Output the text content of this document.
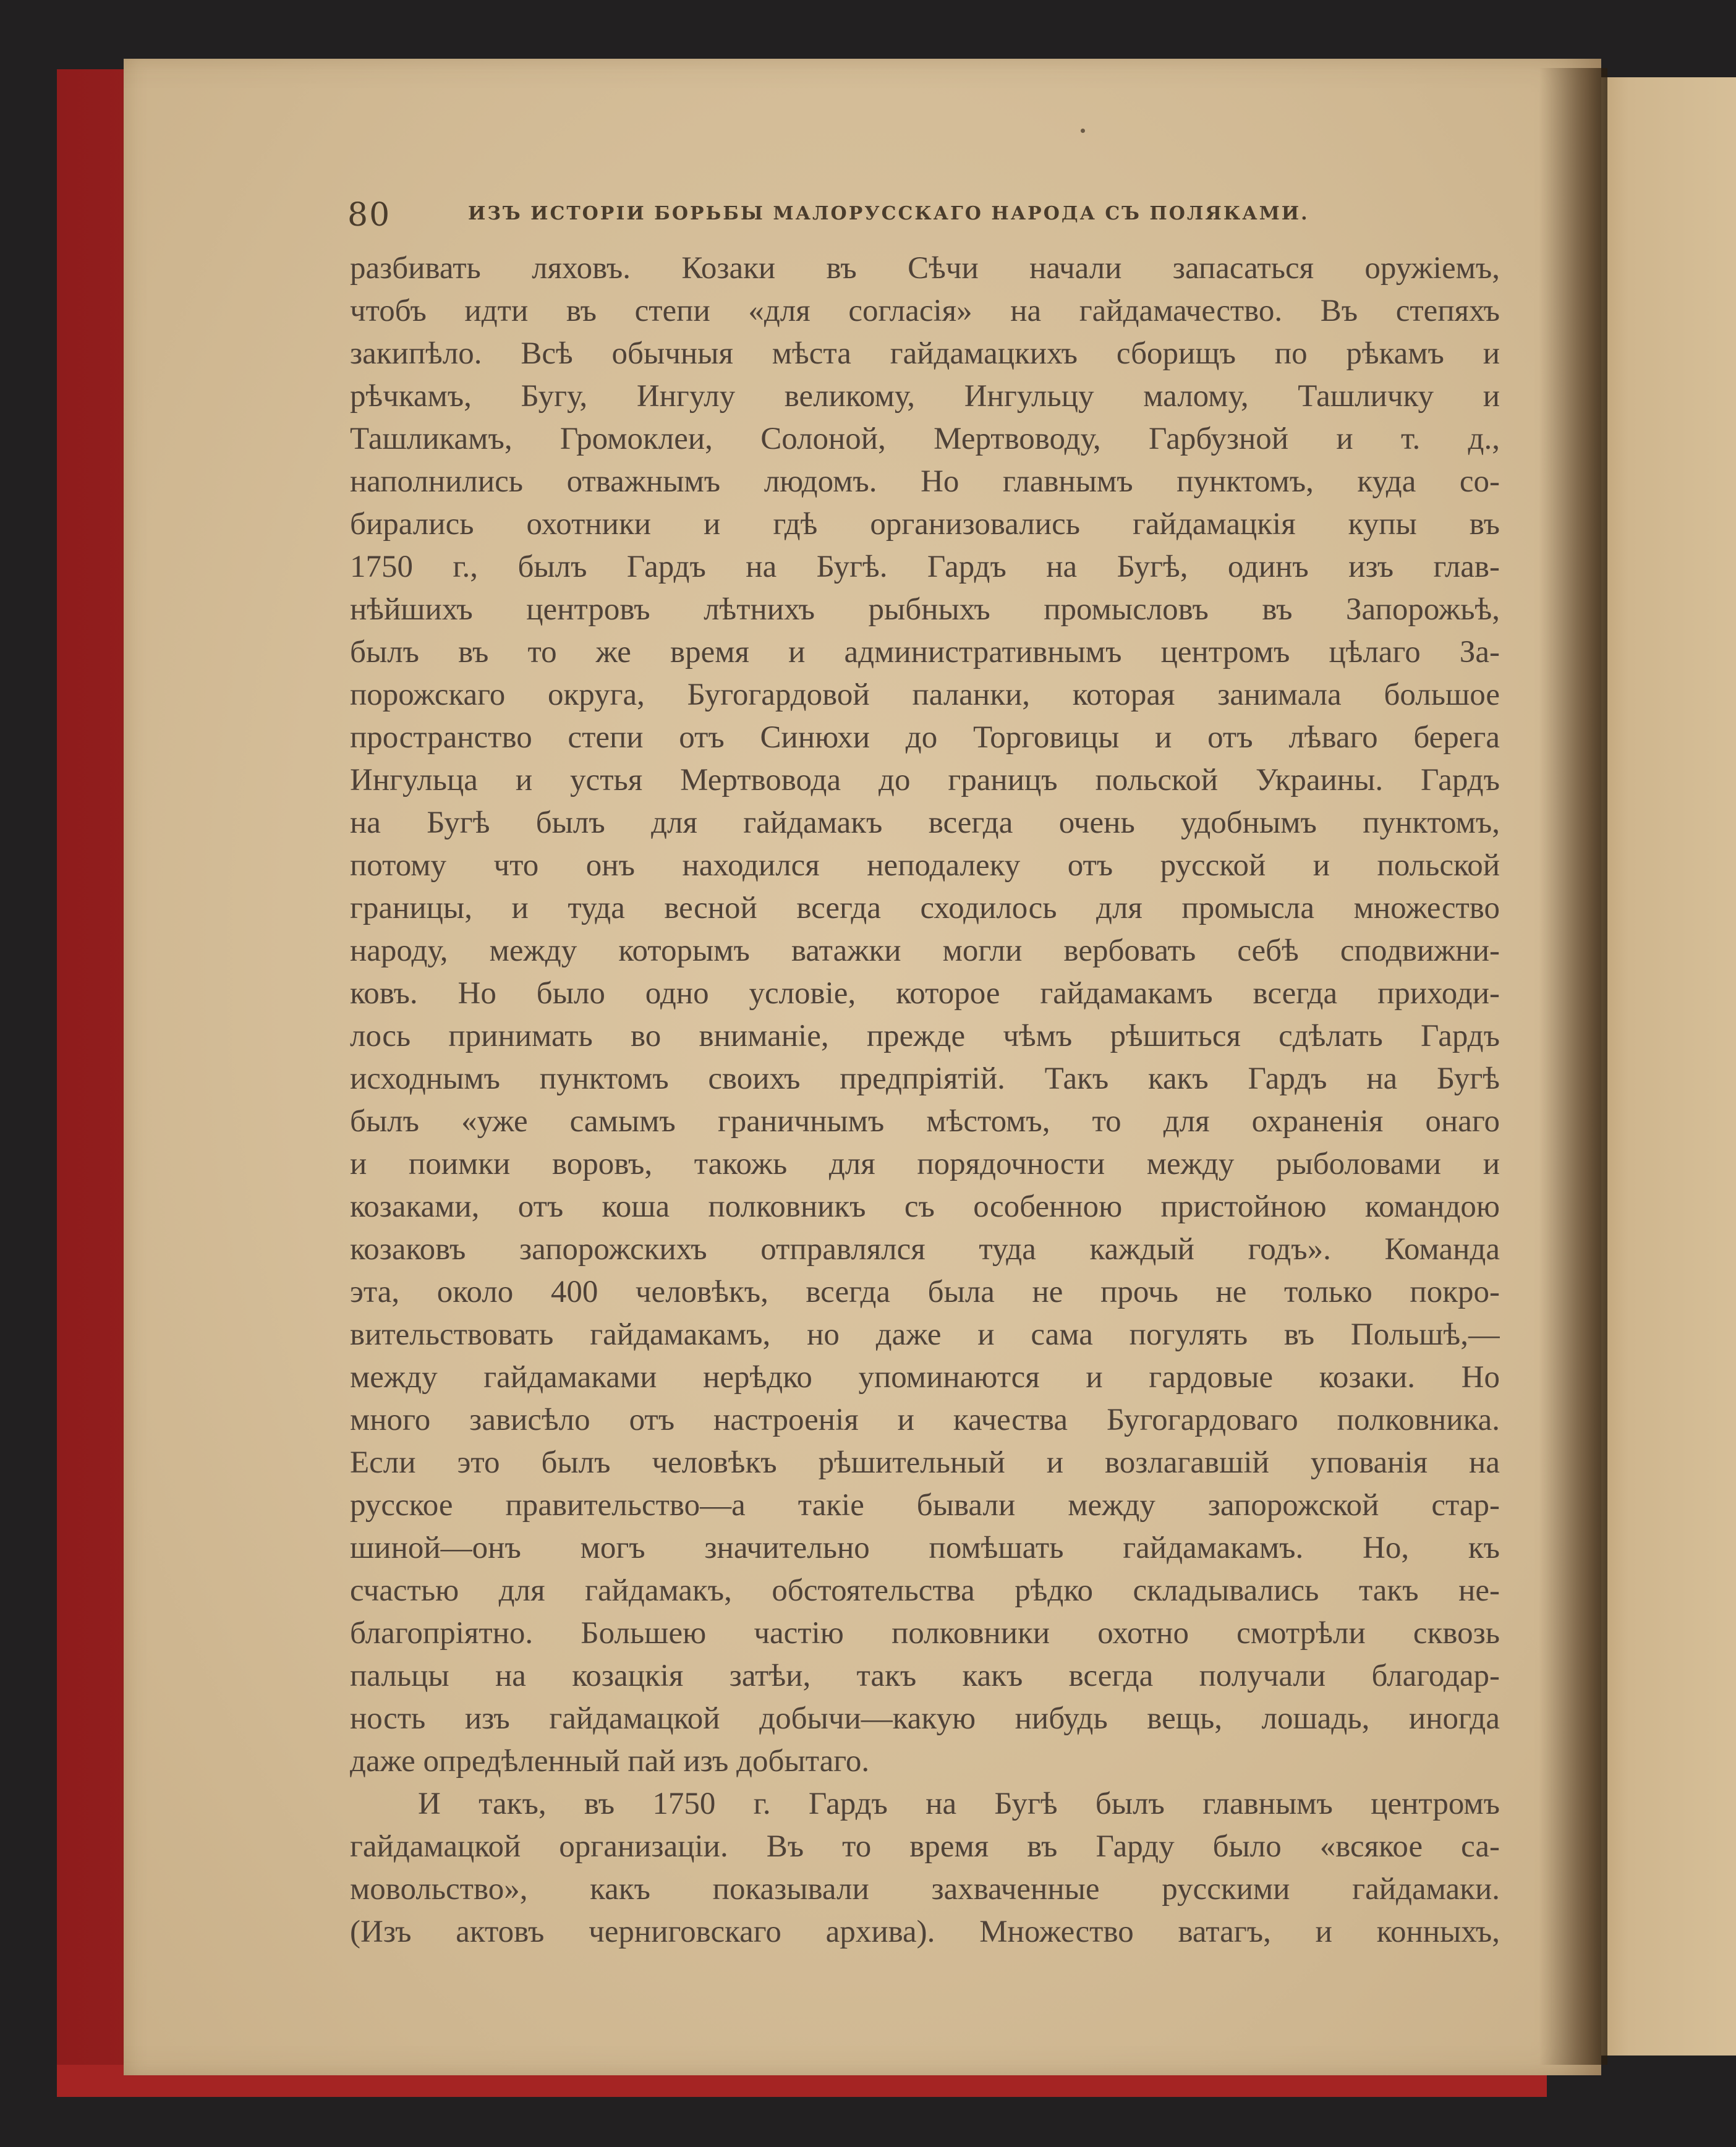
80	ИЗЪ ИСТОРІИ БОРЬБЫ МАЛОРУССКАГО НАРОДА СЪ ПОЛЯКАМИ.
разбивать ляховъ. Козаки въ Сѣчи начали запасаться оружіемъ,
чтобъ идти въ степи «для согласія» на гайдамачество. Въ степяхъ
закипѣло. Всѣ обычныя мѣста гайдамацкихъ сборищъ по рѣкамъ и
рѣчкамъ, Бугу, Ингулу великому, Ингульцу малому, Ташличку и
Ташликамъ, Громоклеи, Солоной, Мертвоводу, Гарбузной и т. д.,
наполнились отважнымъ людомъ. Но главнымъ пунктомъ, куда со-
бирались охотники и гдѣ организовались гайдамацкія купы въ
1750 г., былъ Гардъ на Бугѣ. Гардъ на Бугѣ, одинъ изъ глав-
нѣйшихъ центровъ лѣтнихъ рыбныхъ промысловъ въ Запорожьѣ,
былъ въ то же время и административнымъ центромъ цѣлаго За-
порожскаго округа, Бугогардовой паланки, которая занимала большое
пространство степи отъ Синюхи до Торговицы и отъ лѣваго берега
Ингульца и устья Мертвовода до границъ польской Украины. Гардъ
на Бугѣ былъ для гайдамакъ всегда очень удобнымъ пунктомъ,
потому что онъ находился неподалеку отъ русской и польской
границы, и туда весной всегда сходилось для промысла множество
народу, между которымъ ватажки могли вербовать себѣ сподвижни-
ковъ. Но было одно условіе, которое гайдамакамъ всегда приходи-
лось принимать во вниманіе, прежде чѣмъ рѣшиться сдѣлать Гардъ
исходнымъ пунктомъ своихъ предпріятій. Такъ какъ Гардъ на Бугѣ
былъ «уже самымъ граничнымъ мѣстомъ, то для охраненія онаго
и поимки воровъ, такожь для порядочности между рыболовами и
козаками, отъ коша полковникъ съ особенною пристойною командою
козаковъ запорожскихъ отправлялся туда каждый годъ». Команда
эта, около 400 человѣкъ, всегда была не прочь не только покро-
вительствовать гайдамакамъ, но даже и сама погулять въ Польшѣ,—
между гайдамаками нерѣдко упоминаются и гардовые козаки. Но
много зависѣло отъ настроенія и качества Бугогардоваго полковника.
Если это былъ человѣкъ рѣшительный и возлагавшій упованія на
русское правительство—а такіе бывали между запорожской стар-
шиной—онъ могъ значительно помѣшать гайдамакамъ. Но, къ
счастью для гайдамакъ, обстоятельства рѣдко складывались такъ не-
благопріятно. Большею частію полковники охотно смотрѣли сквозь
пальцы на козацкія затѣи, такъ какъ всегда получали благодар-
ность изъ гайдамацкой добычи—какую нибудь вещь, лошадь, иногда
даже опредѣленный пай изъ добытаго.
И такъ, въ 1750 г. Гардъ на Бугѣ былъ главнымъ центромъ
гайдамацкой организаціи. Въ то время въ Гарду было «всякое са-
мовольство», какъ показывали захваченные русскими гайдамаки.
(Изъ актовъ черниговскаго архива). Множество ватагъ, и конныхъ,
